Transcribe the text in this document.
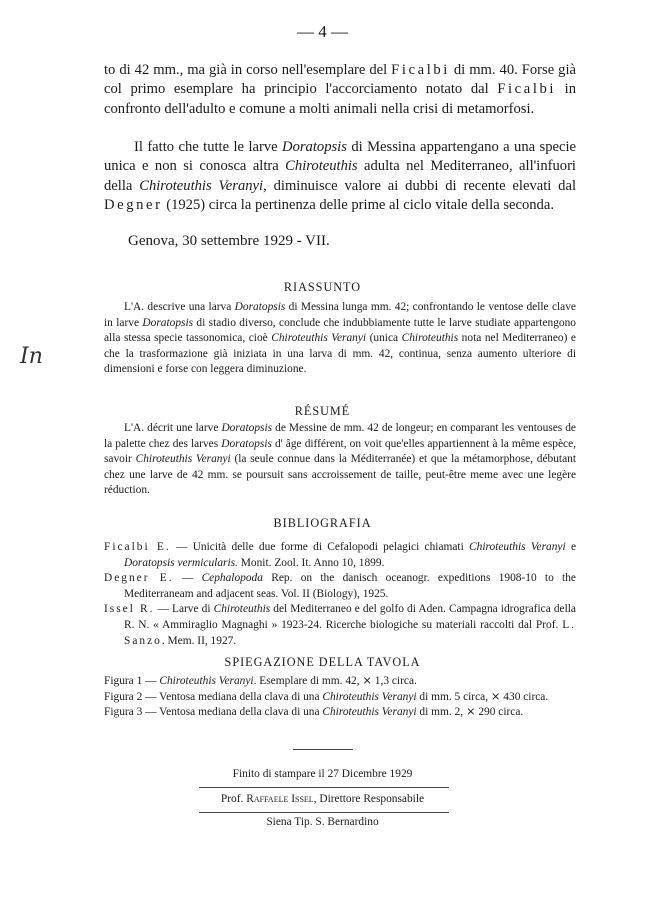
— 4 —

to di 42 mm., ma già in corso nell'esemplare del Ficalbi di mm. 40. Forse già col primo esemplare ha principio l'accorciamento notato dal Ficalbi in confronto dell'adulto e comune a molti animali nella crisi di metamorfosi.

Il fatto che tutte le larve Doratopsis di Messina appartengano a una specie unica e non si conosca altra Chiroteuthis adulta nel Mediterraneo, all'infuori della Chiroteuthis Veranyi, diminuisce valore ai dubbi di recente elevati dal Degner (1925) circa la pertinenza delle prime al ciclo vitale della seconda.

Genova, 30 settembre 1929 - VII.
In
RIASSUNTO

L'A. descrive una larva Doratopsis di Messina lunga mm. 42; confrontando le ventose delle clave in larve Doratopsis di stadio diverso, conclude che indubbiamente tutte le larve studiate appartengono alla stessa specie tassonomica, cioè Chiroteuthis Veranyi (unica Chiroteuthis nota nel Mediterraneo) e che la trasformazione già iniziata in una larva di mm. 42, continua, senza aumento ulteriore di dimensioni e forse con leggera diminuzione.

RÉSUMÉ

L'A. décrit une larve Doratopsis de Messine de mm. 42 de longeur; en comparant les ventouses de la palette chez des larves Doratopsis d' âge différent, on voit que'elles appartiennent à la même espèce, savoir Chiroteuthis Veranyi (la seule connue dans la Méditerranée) et que la métamorphose, débutant chez une larve de 42 mm. se poursuit sans accroissement de taille, peut-être meme avec une legère réduction.

BIBLIOGRAFIA

Ficalbi E. — Unicità delle due forme di Cefalopodi pelagici chiamati Chiroteuthis Veranyi e Doratopsis vermicularis. Monit. Zool. It. Anno 10, 1899.

Degner E. — Cephalopoda Rep. on the danisch oceanogr. expeditions 1908-10 to the Mediterraneam and adjacent seas. Vol. II (Biology), 1925.

Issel R. — Larve di Chiroteuthis del Mediterraneo e del golfo di Aden. Campagna idrografica della R. N. « Ammiraglio Magnaghi » 1923-24. Ricerche biologiche su materiali raccolti dal Prof. L. Sanzo. Mem. II, 1927.

SPIEGAZIONE DELLA TAVOLA

Figura 1 — Chiroteuthis Veranyi. Esemplare di mm. 42, ⨯ 1,3 circa.

Figura 2 — Ventosa mediana della clava di una Chiroteuthis Veranyi di mm. 5 circa, ⨯ 430 circa.

Figura 3 — Ventosa mediana della clava di una Chiroteuthis Veranyi di mm. 2, ⨯ 290 circa.

Finito di stampare il 27 Dicembre 1929
Prof. Raffaele Issel, Direttore Responsabile
Siena Tip. S. Bernardino
